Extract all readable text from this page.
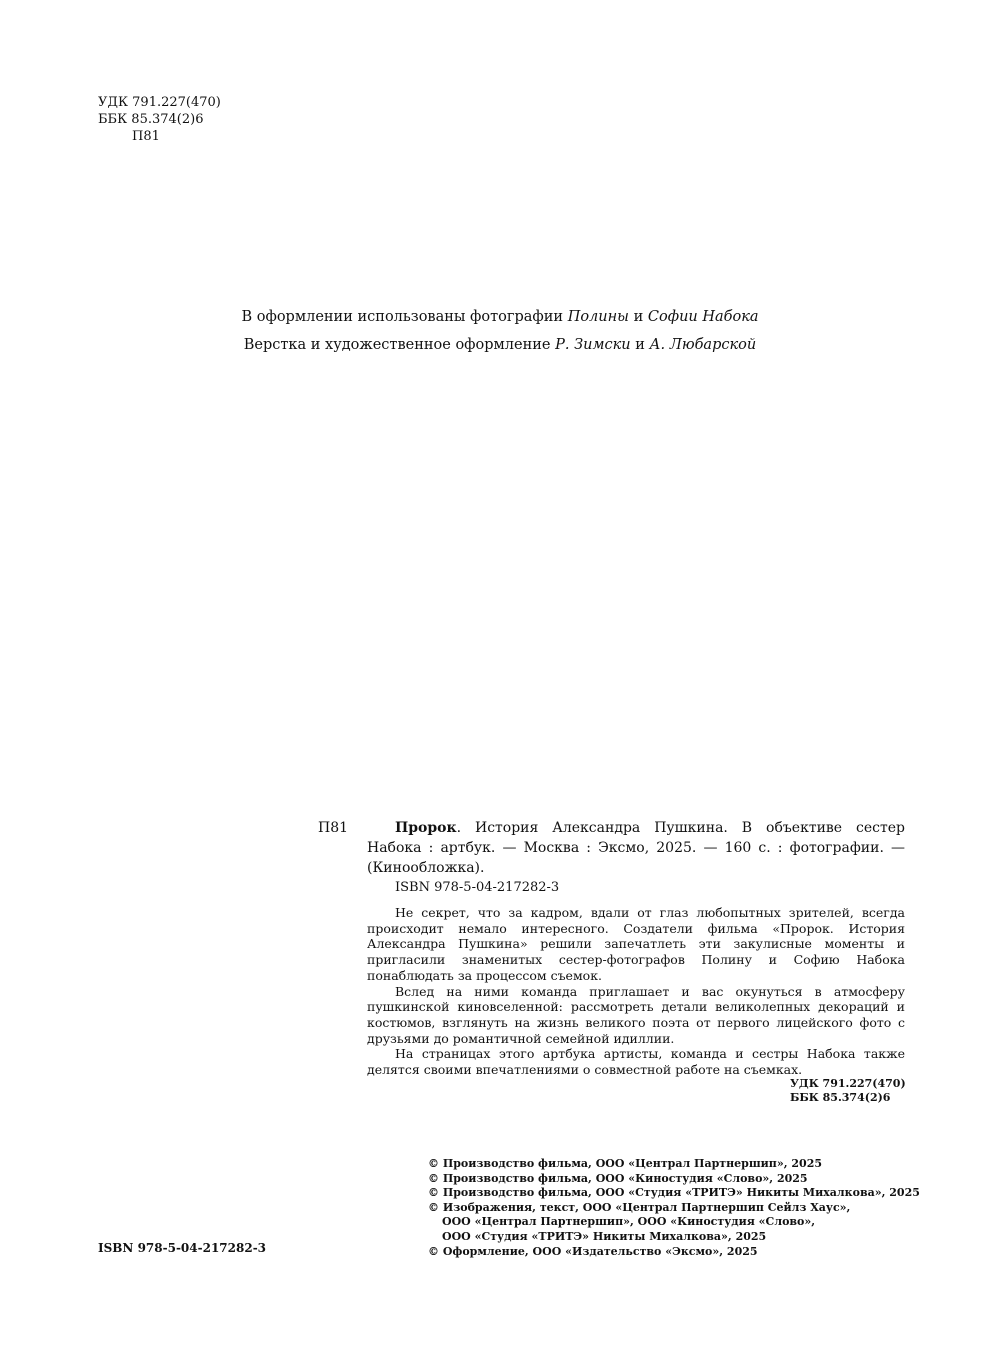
УДК 791.227(470)
ББК 85.374(2)6
П81
В оформлении использованы фотографии Полины и Софии Набока
Верстка и художественное оформление Р. Зимски и А. Любарской
П81	Пророк. История Александра Пушкина. В объективе сестер Набока : артбук. — Москва : Эксмо, 2025. — 160 с. : фотографии. — (Кинообложка).
ISBN 978-5-04-217282-3

Не секрет, что за кадром, вдали от глаз любопытных зрителей, всегда происходит немало интересного. Создатели фильма «Пророк. История Александра Пушкина» решили запечатлеть эти закулисные моменты и пригласили знаменитых сестер-фотографов Полину и Софию Набока понаблюдать за процессом съемок.

Вслед на ними команда приглашает и вас окунуться в атмосферу пушкинской киновселенной: рассмотреть детали великолепных декораций и костюмов, взглянуть на жизнь великого поэта от первого лицейского фото с друзьями до романтичной семейной идиллии.

На страницах этого артбука артисты, команда и сестры Набока также делятся своими впечатлениями о совместной работе на съемках.

УДК 791.227(470)
ББК 85.374(2)6
© Производство фильма, ООО «Централ Партнершип», 2025
© Производство фильма, ООО «Киностудия «Слово», 2025
© Производство фильма, ООО «Студия «ТРИТЭ» Никиты Михалкова», 2025
© Изображения, текст, ООО «Централ Партнершип Сейлз Хаус»,
ООО «Централ Партнершип», ООО «Киностудия «Слово»,
ООО «Студия «ТРИТЭ» Никиты Михалкова», 2025
© Оформление, ООО «Издательство «Эксмо», 2025
ISBN 978-5-04-217282-3
